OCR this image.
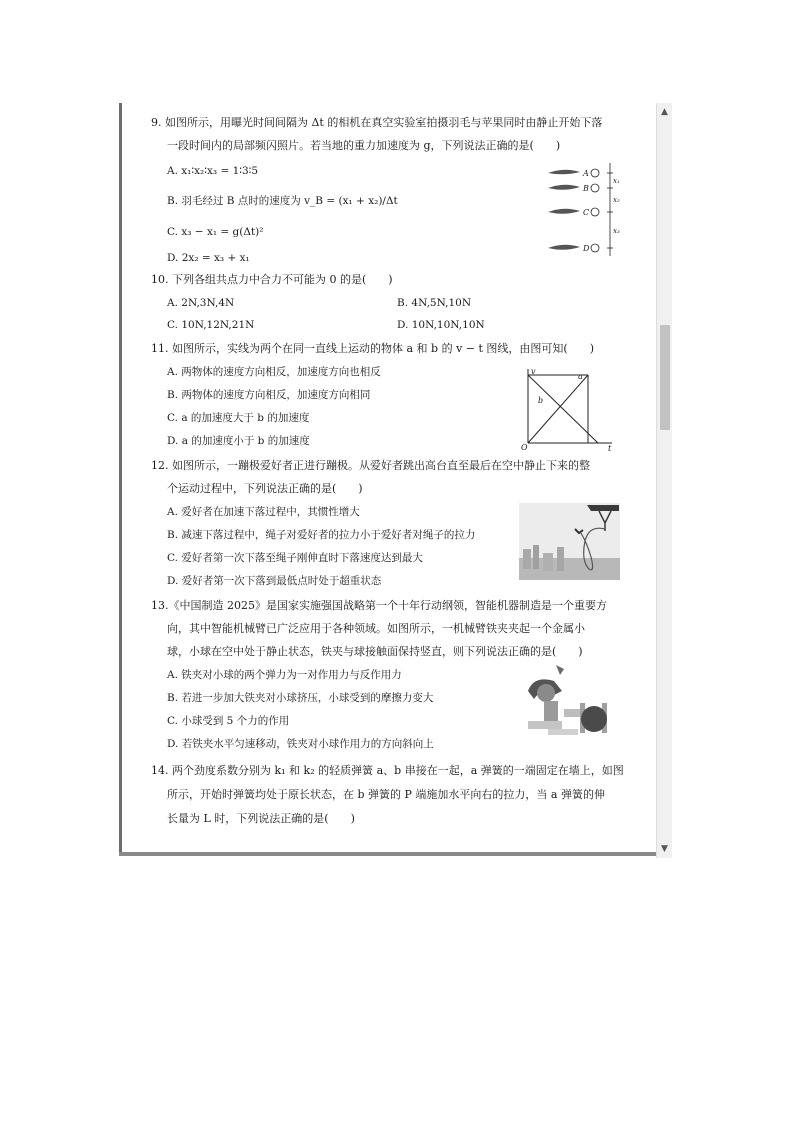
9. 如图所示，用曝光时间间隔为 Δt 的相机在真空实验室拍摄羽毛与苹果同时由静止开始下落
一段时间内的局部频闪照片。若当地的重力加速度为 g，下列说法正确的是(　　)
A. x₁∶x₂∶x₃ = 1∶3∶5
B. 羽毛经过 B 点时的速度为 v_B = (x₁ + x₂)/Δt
C. x₃ − x₁ = g(Δt)²
D. 2x₂ = x₃ + x₁
A
B
C
D
x₁
x₂
x₃
10. 下列各组共点力中合力不可能为 0 的是(　　)
A. 2N,3N,4N	B. 4N,5N,10N
C. 10N,12N,21N	D. 10N,10N,10N
11. 如图所示，实线为两个在同一直线上运动的物体 a 和 b 的 v − t 图线，由图可知(　　)
A. 两物体的速度方向相反，加速度方向也相反
B. 两物体的速度方向相反，加速度方向相同
C. a 的加速度大于 b 的加速度
D. a 的加速度小于 b 的加速度
v
a
b
O	t
12. 如图所示，一蹦极爱好者正进行蹦极。从爱好者跳出高台直至最后在空中静止下来的整
个运动过程中，下列说法正确的是(　　)
A. 爱好者在加速下落过程中，其惯性增大
B. 减速下落过程中，绳子对爱好者的拉力小于爱好者对绳子的拉力
C. 爱好者第一次下落至绳子刚伸直时下落速度达到最大
D. 爱好者第一次下落到最低点时处于超重状态
13.《中国制造 2025》是国家实施强国战略第一个十年行动纲领，智能机器制造是一个重要方
向，其中智能机械臂已广泛应用于各种领域。如图所示，一机械臂铁夹夹起一个金属小
球，小球在空中处于静止状态，铁夹与球接触面保持竖直，则下列说法正确的是(　　)
A. 铁夹对小球的两个弹力为一对作用力与反作用力
B. 若进一步加大铁夹对小球挤压，小球受到的摩擦力变大
C. 小球受到 5 个力的作用
D. 若铁夹水平匀速移动，铁夹对小球作用力的方向斜向上
14. 两个劲度系数分别为 k₁ 和 k₂ 的轻质弹簧 a、b 串接在一起，a 弹簧的一端固定在墙上，如图
所示，开始时弹簧均处于原长状态，在 b 弹簧的 P 端施加水平向右的拉力，当 a 弹簧的伸
长量为 L 时，下列说法正确的是(　　)
▲
▼
